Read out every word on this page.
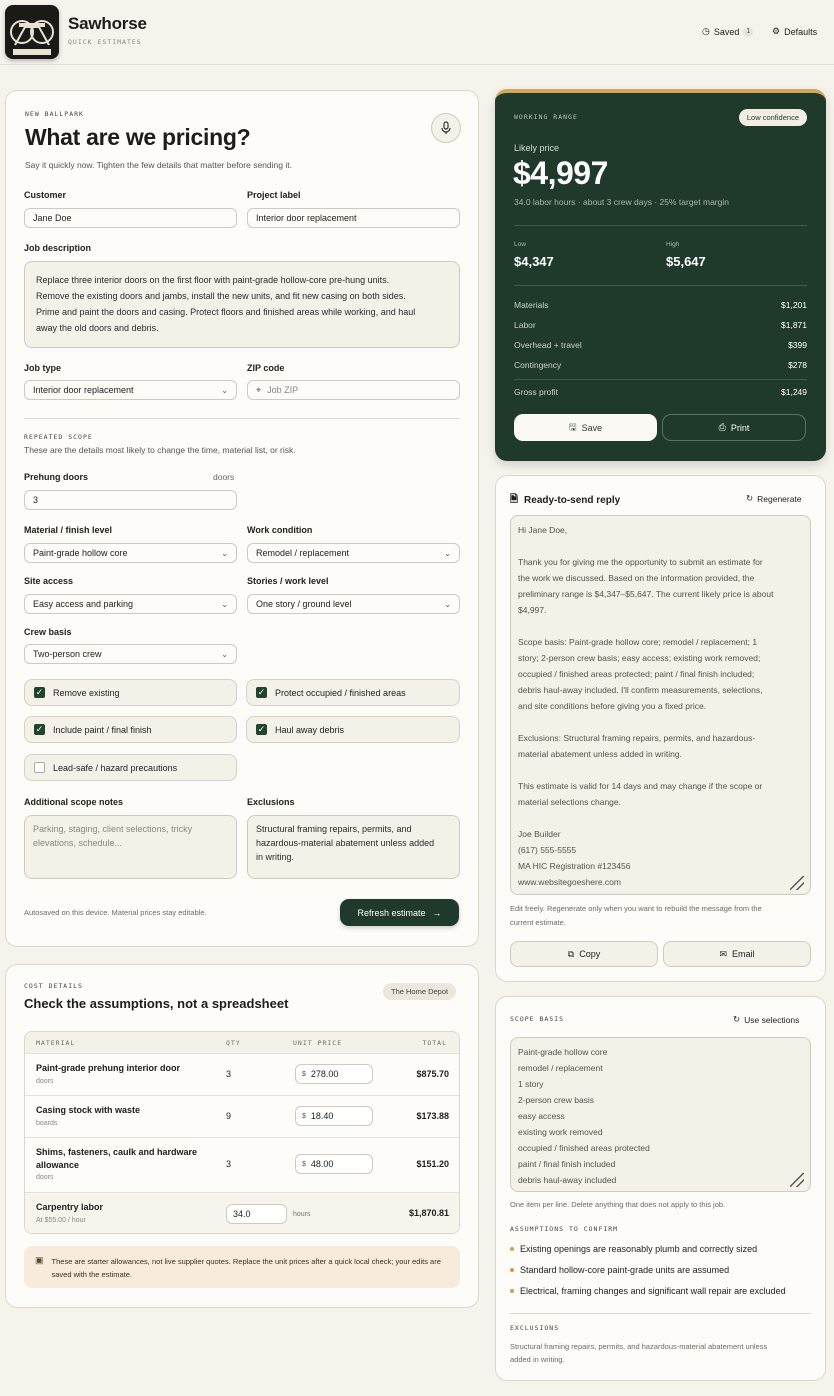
Sawhorse
QUICK ESTIMATES
◷ Saved	1	⚙ Defaults
NEW BALLPARK
What are we pricing?
Say it quickly now. Tighten the few details that matter before sending it.
Customer
Jane Doe
Project label
Interior door replacement
Job description
Replace three interior doors on the first floor with paint-grade hollow-core pre-hung units.
Remove the existing doors and jambs, install the new units, and fit new casing on both sides.
Prime and paint the doors and casing. Protect floors and finished areas while working, and haul
away the old doors and debris.
Job type
Interior door replacement	⌄
ZIP code
⌖ Job ZIP
REPEATED SCOPE
These are the details most likely to change the time, material list, or risk.
Prehung doors	doors
3
Material / finish level
Paint-grade hollow core	⌄
Work condition
Remodel / replacement	⌄
Site access
Easy access and parking	⌄
Stories / work level
One story / ground level	⌄
Crew basis
Two-person crew	⌄
✓ Remove existing	✓ Protect occupied / finished areas
✓ Include paint / final finish	✓ Haul away debris
Lead-safe / hazard precautions
Additional scope notes
Parking, staging, client selections, tricky
elevations, schedule...
Exclusions
Structural framing repairs, permits, and
hazardous-material abatement unless added
in writing.
Autosaved on this device. Material prices stay editable.	Refresh estimate →
COST DETAILS
Check the assumptions, not a spreadsheet
The Home Depot
MATERIAL	QTY	UNIT PRICE	TOTAL
Paint-grade prehung interior door
doors
3	$ 278.00	$875.70
Casing stock with waste
boards
9	$ 18.40	$173.88
Shims, fasteners, caulk and hardware allowance
doors
3	$ 48.00	$151.20
Carpentry labor
At $55.00 / hour
34.0	hours	$1,870.81
▣ These are starter allowances, not live supplier quotes. Replace the unit prices after a quick local check; your edits are saved with the estimate.
WORKING RANGE	Low confidence
Likely price
$4,997
34.0 labor hours · about 3 crew days · 25% target margin
Low
$4,347
High
$5,647
Materials	$1,201
Labor	$1,871
Overhead + travel	$399
Contingency	$278
Gross profit	$1,249
🖫 Save	⎙ Print
🗎 Ready-to-send reply	↻ Regenerate
Hi Jane Doe,

Thank you for giving me the opportunity to submit an estimate for
the work we discussed. Based on the information provided, the
preliminary range is $4,347–$5,647. The current likely price is about
$4,997.

Scope basis: Paint-grade hollow core; remodel / replacement; 1
story; 2-person crew basis; easy access; existing work removed;
occupied / finished areas protected; paint / final finish included;
debris haul-away included. I'll confirm measurements, selections,
and site conditions before giving you a fixed price.

Exclusions: Structural framing repairs, permits, and hazardous-
material abatement unless added in writing.

This estimate is valid for 14 days and may change if the scope or
material selections change.

Joe Builder
(617) 555-5555
MA HIC Registration #123456
www.websitegoeshere.com
Edit freely. Regenerate only when you want to rebuild the message from the
current estimate.
⧉ Copy	✉ Email
SCOPE BASIS	↻ Use selections
Paint-grade hollow core
remodel / replacement
1 story
2-person crew basis
easy access
existing work removed
occupied / finished areas protected
paint / final finish included
debris haul-away included
One item per line. Delete anything that does not apply to this job.
ASSUMPTIONS TO CONFIRM
Existing openings are reasonably plumb and correctly sized
Standard hollow-core paint-grade units are assumed
Electrical, framing changes and significant wall repair are excluded
EXCLUSIONS
Structural framing repairs, permits, and hazardous-material abatement unless
added in writing.
